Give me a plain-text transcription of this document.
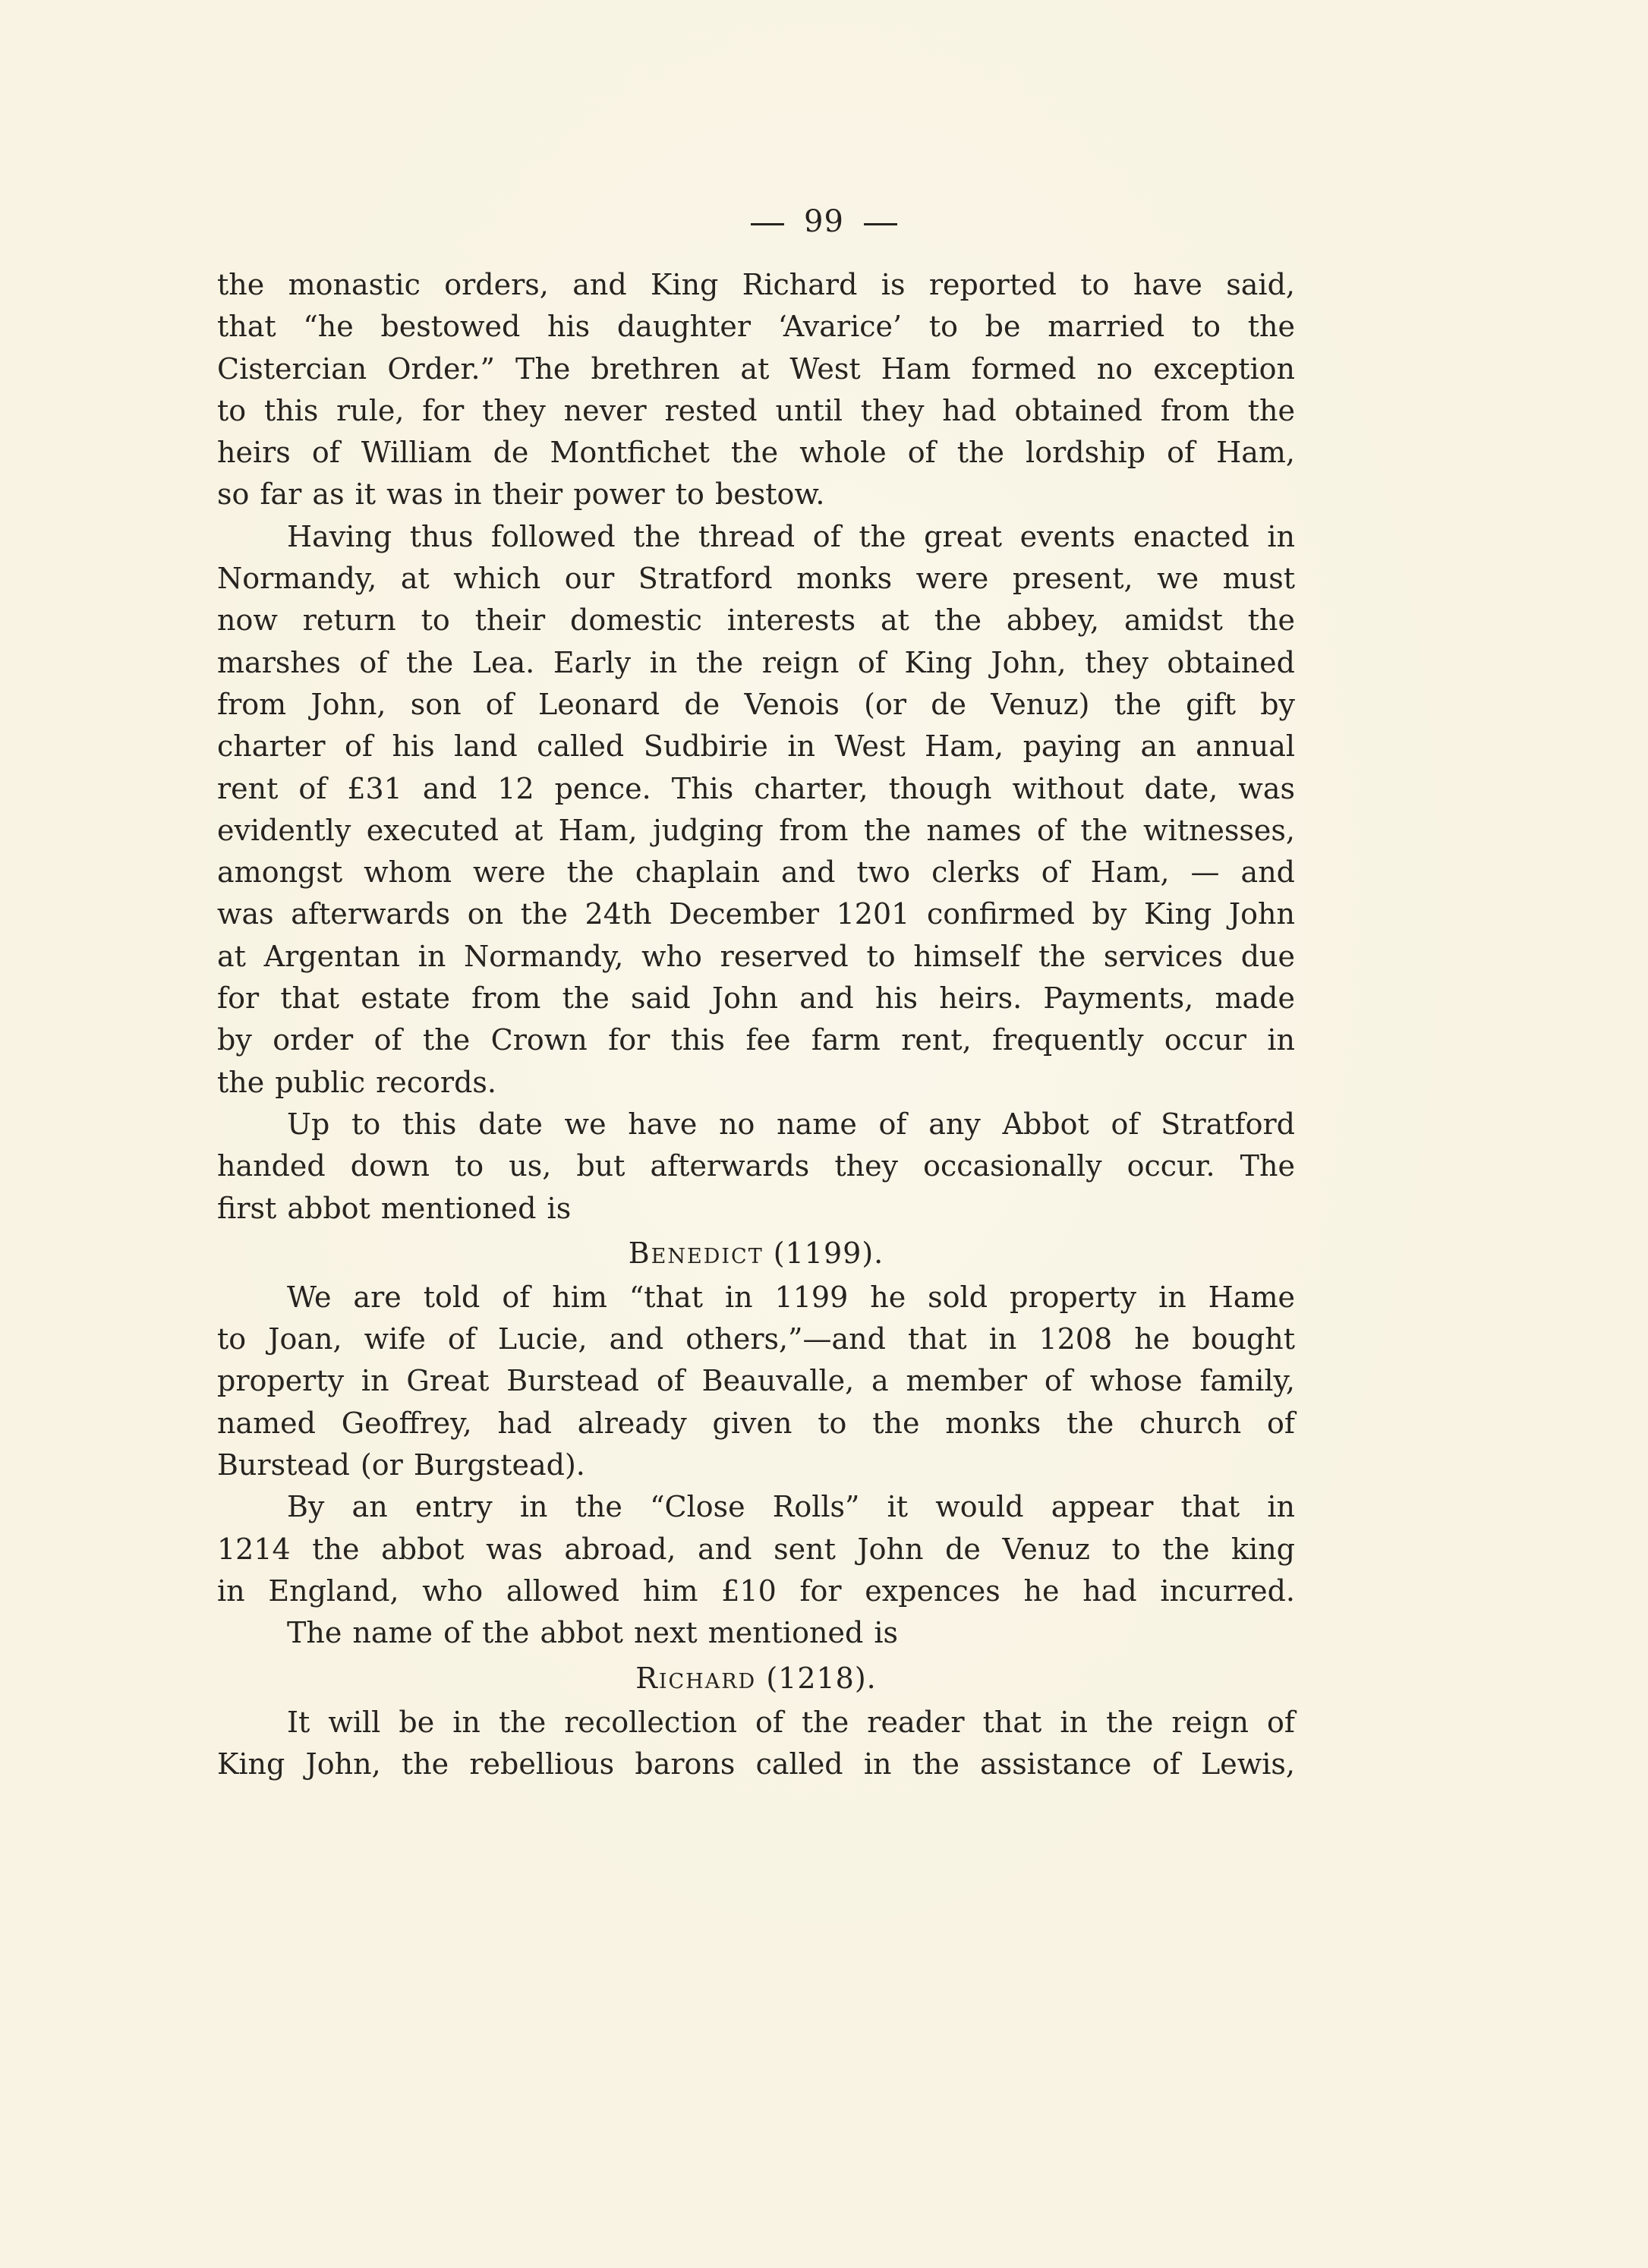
99
the monastic orders, and King Richard is reported to have said,
that “he bestowed his daughter ‘Avarice’ to be married to the
Cistercian Order.” The brethren at West Ham formed no exception
to this rule, for they never rested until they had obtained from the
heirs of William de Montfichet the whole of the lordship of Ham,
so far as it was in their power to bestow.
Having thus followed the thread of the great events enacted in
Normandy, at which our Stratford monks were present, we must
now return to their domestic interests at the abbey, amidst the
marshes of the Lea. Early in the reign of King John, they obtained
from John, son of Leonard de Venois (or de Venuz) the gift by
charter of his land called Sudbirie in West Ham, paying an annual
rent of £31 and 12 pence. This charter, though without date, was
evidently executed at Ham, judging from the names of the witnesses,
amongst whom were the chaplain and two clerks of Ham, — and
was afterwards on the 24th December 1201 confirmed by King John
at Argentan in Normandy, who reserved to himself the services due
for that estate from the said John and his heirs. Payments, made
by order of the Crown for this fee farm rent, frequently occur in
the public records.
Up to this date we have no name of any Abbot of Stratford
handed down to us, but afterwards they occasionally occur. The
first abbot mentioned is
Benedict (1199).
We are told of him “that in 1199 he sold property in Hame
to Joan, wife of Lucie, and others,”—and that in 1208 he bought
property in Great Burstead of Beauvalle, a member of whose family,
named Geoffrey, had already given to the monks the church of
Burstead (or Burgstead).
By an entry in the “Close Rolls” it would appear that in
1214 the abbot was abroad, and sent John de Venuz to the king
in England, who allowed him £10 for expences he had incurred.
The name of the abbot next mentioned is
Richard (1218).
It will be in the recollection of the reader that in the reign of
King John, the rebellious barons called in the assistance of Lewis,
